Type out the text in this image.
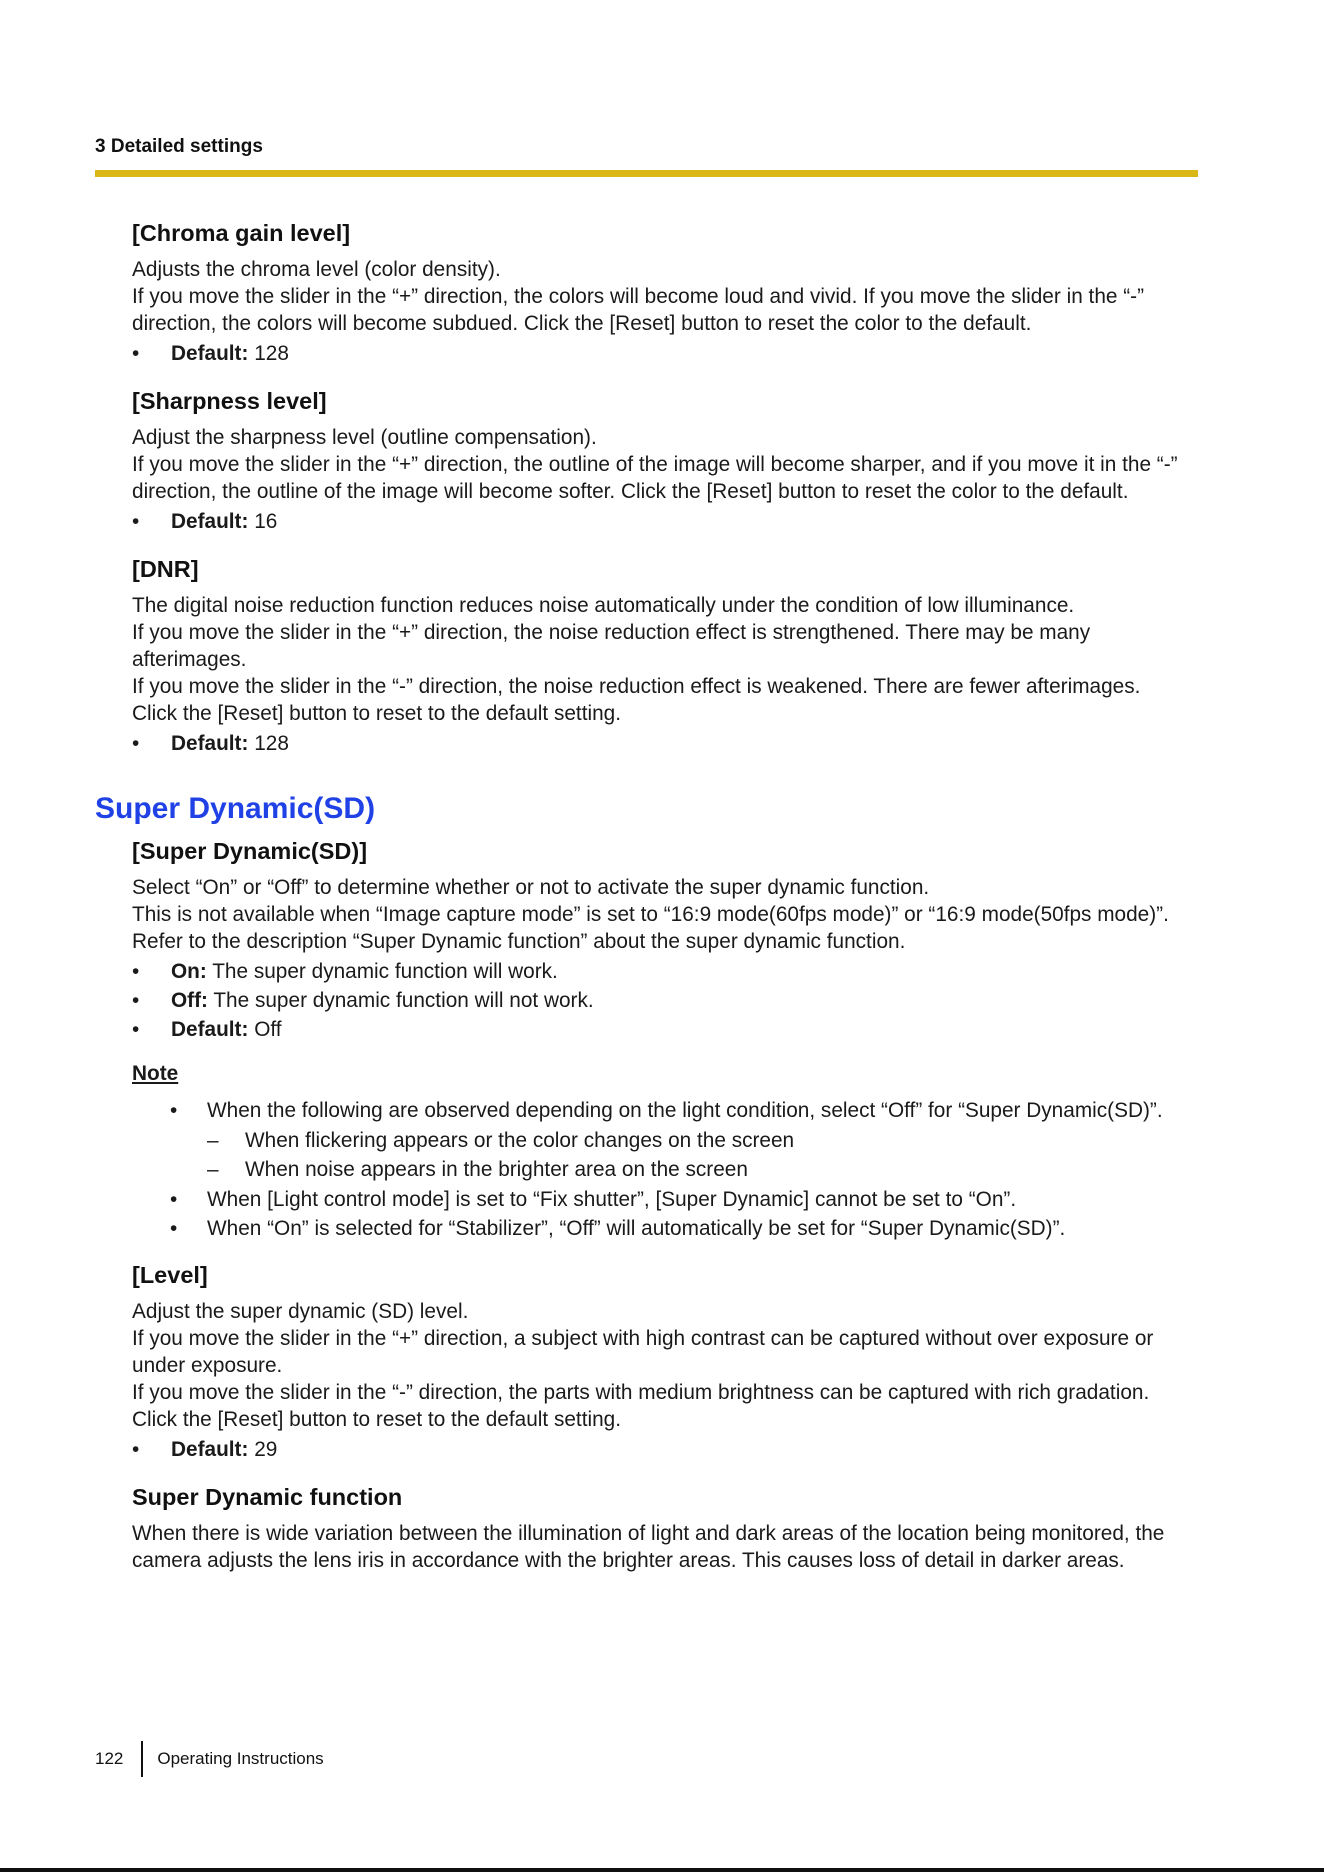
3 Detailed settings
[Chroma gain level]

Adjusts the chroma level (color density).

If you move the slider in the “+” direction, the colors will become loud and vivid. If you move the slider in the “-” direction, the colors will become subdued. Click the [Reset] button to reset the color to the default.

• Default: 128
[Sharpness level]

Adjust the sharpness level (outline compensation).

If you move the slider in the “+” direction, the outline of the image will become sharper, and if you move it in the “-” direction, the outline of the image will become softer. Click the [Reset] button to reset the color to the default.

• Default: 16
[DNR]

The digital noise reduction function reduces noise automatically under the condition of low illuminance.

If you move the slider in the “+” direction, the noise reduction effect is strengthened. There may be many afterimages.

If you move the slider in the “-” direction, the noise reduction effect is weakened. There are fewer afterimages.

Click the [Reset] button to reset to the default setting.

• Default: 128
Super Dynamic(SD)
[Super Dynamic(SD)]

Select “On” or “Off” to determine whether or not to activate the super dynamic function.

This is not available when “Image capture mode” is set to “16:9 mode(60fps mode)” or “16:9 mode(50fps mode)”.

Refer to the description “Super Dynamic function” about the super dynamic function.

• On: The super dynamic function will work.
• Off: The super dynamic function will not work.
• Default: Off
Note
• When the following are observed depending on the light condition, select “Off” for “Super Dynamic(SD)”.
– When flickering appears or the color changes on the screen
– When noise appears in the brighter area on the screen
• When [Light control mode] is set to “Fix shutter”, [Super Dynamic] cannot be set to “On”.
• When “On” is selected for “Stabilizer”, “Off” will automatically be set for “Super Dynamic(SD)”.
[Level]

Adjust the super dynamic (SD) level.

If you move the slider in the “+” direction, a subject with high contrast can be captured without over exposure or under exposure.

If you move the slider in the “-” direction, the parts with medium brightness can be captured with rich gradation.

Click the [Reset] button to reset to the default setting.

• Default: 29
Super Dynamic function

When there is wide variation between the illumination of light and dark areas of the location being monitored, the camera adjusts the lens iris in accordance with the brighter areas. This causes loss of detail in darker areas.

122 Operating Instructions
